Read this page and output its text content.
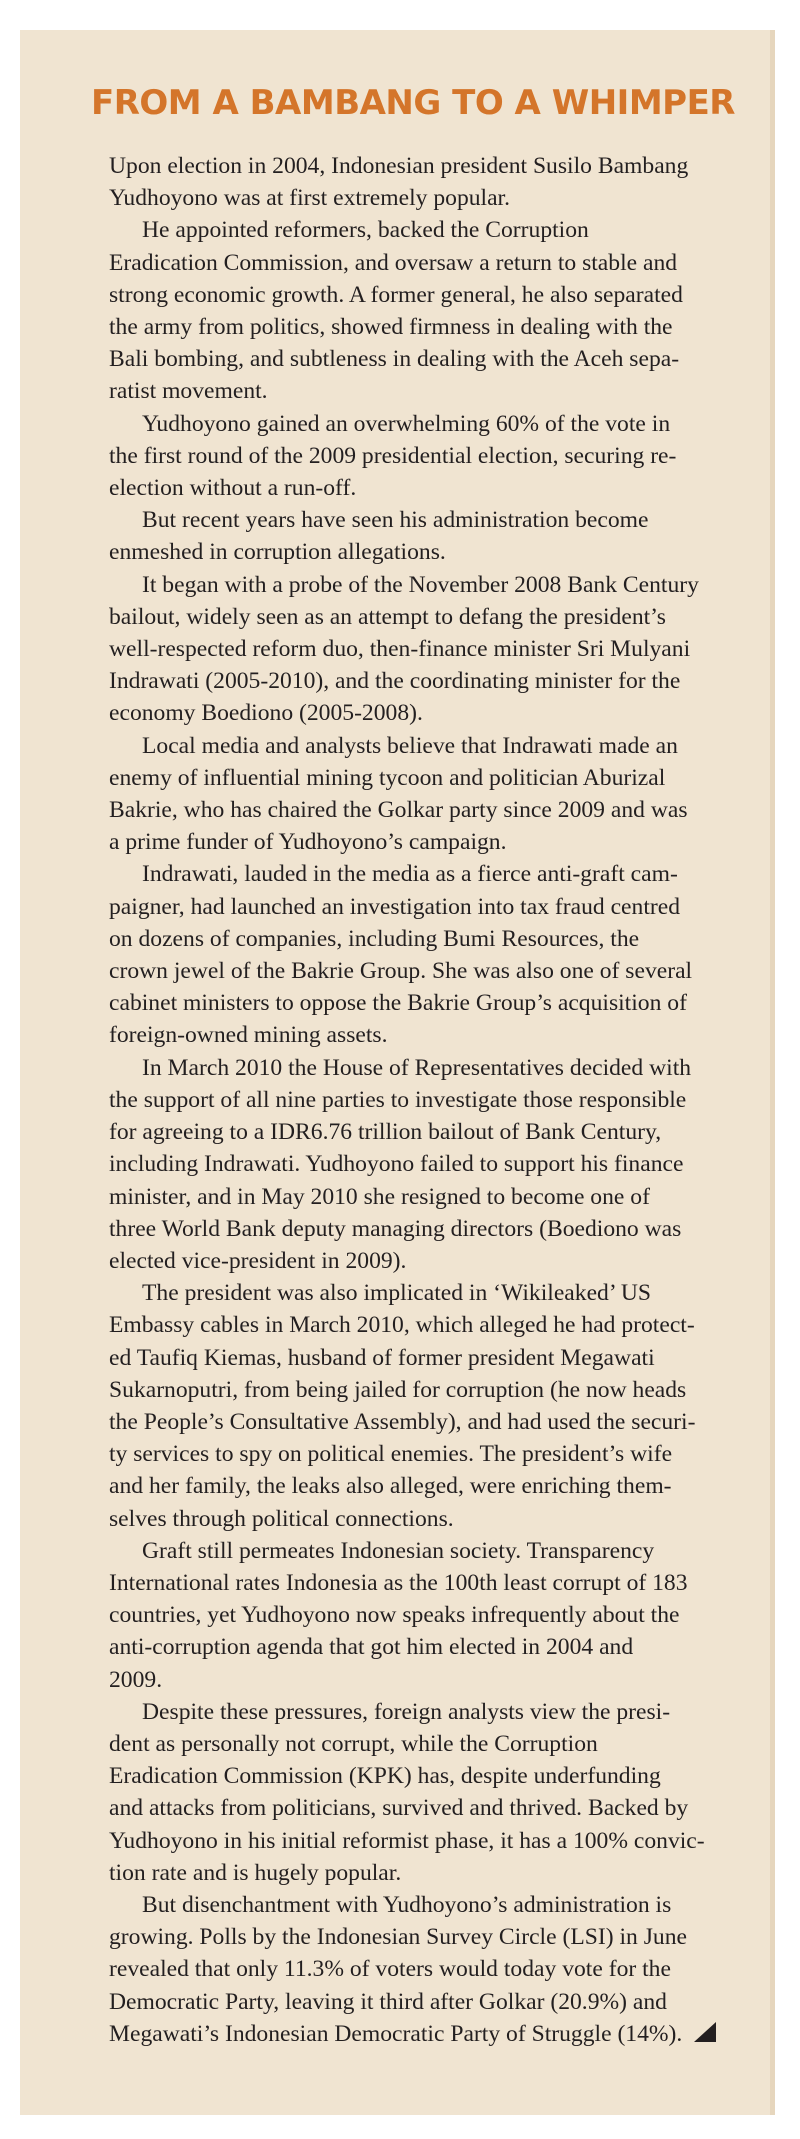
FROM A BAMBANG TO A WHIMPER

Upon election in 2004, Indonesian president Susilo Bambang
Yudhoyono was at first extremely popular.

He appointed reformers, backed the Corruption
Eradication Commission, and oversaw a return to stable and
strong economic growth. A former general, he also separated
the army from politics, showed firmness in dealing with the
Bali bombing, and subtleness in dealing with the Aceh sepa-
ratist movement.

Yudhoyono gained an overwhelming 60% of the vote in
the first round of the 2009 presidential election, securing re-
election without a run-off.

But recent years have seen his administration become
enmeshed in corruption allegations.

It began with a probe of the November 2008 Bank Century
bailout, widely seen as an attempt to defang the president’s
well-respected reform duo, then-finance minister Sri Mulyani
Indrawati (2005-2010), and the coordinating minister for the
economy Boediono (2005-2008).

Local media and analysts believe that Indrawati made an
enemy of influential mining tycoon and politician Aburizal
Bakrie, who has chaired the Golkar party since 2009 and was
a prime funder of Yudhoyono’s campaign.

Indrawati, lauded in the media as a fierce anti-graft cam-
paigner, had launched an investigation into tax fraud centred
on dozens of companies, including Bumi Resources, the
crown jewel of the Bakrie Group. She was also one of several
cabinet ministers to oppose the Bakrie Group’s acquisition of
foreign-owned mining assets.

In March 2010 the House of Representatives decided with
the support of all nine parties to investigate those responsible
for agreeing to a IDR6.76 trillion bailout of Bank Century,
including Indrawati. Yudhoyono failed to support his finance
minister, and in May 2010 she resigned to become one of
three World Bank deputy managing directors (Boediono was
elected vice-president in 2009).

The president was also implicated in ‘Wikileaked’ US
Embassy cables in March 2010, which alleged he had protect-
ed Taufiq Kiemas, husband of former president Megawati
Sukarnoputri, from being jailed for corruption (he now heads
the People’s Consultative Assembly), and had used the securi-
ty services to spy on political enemies. The president’s wife
and her family, the leaks also alleged, were enriching them-
selves through political connections.

Graft still permeates Indonesian society. Transparency
International rates Indonesia as the 100th least corrupt of 183
countries, yet Yudhoyono now speaks infrequently about the
anti-corruption agenda that got him elected in 2004 and
2009.

Despite these pressures, foreign analysts view the presi-
dent as personally not corrupt, while the Corruption
Eradication Commission (KPK) has, despite underfunding
and attacks from politicians, survived and thrived. Backed by
Yudhoyono in his initial reformist phase, it has a 100% convic-
tion rate and is hugely popular.

But disenchantment with Yudhoyono’s administration is
growing. Polls by the Indonesian Survey Circle (LSI) in June
revealed that only 11.3% of voters would today vote for the
Democratic Party, leaving it third after Golkar (20.9%) and
Megawati’s Indonesian Democratic Party of Struggle (14%).
